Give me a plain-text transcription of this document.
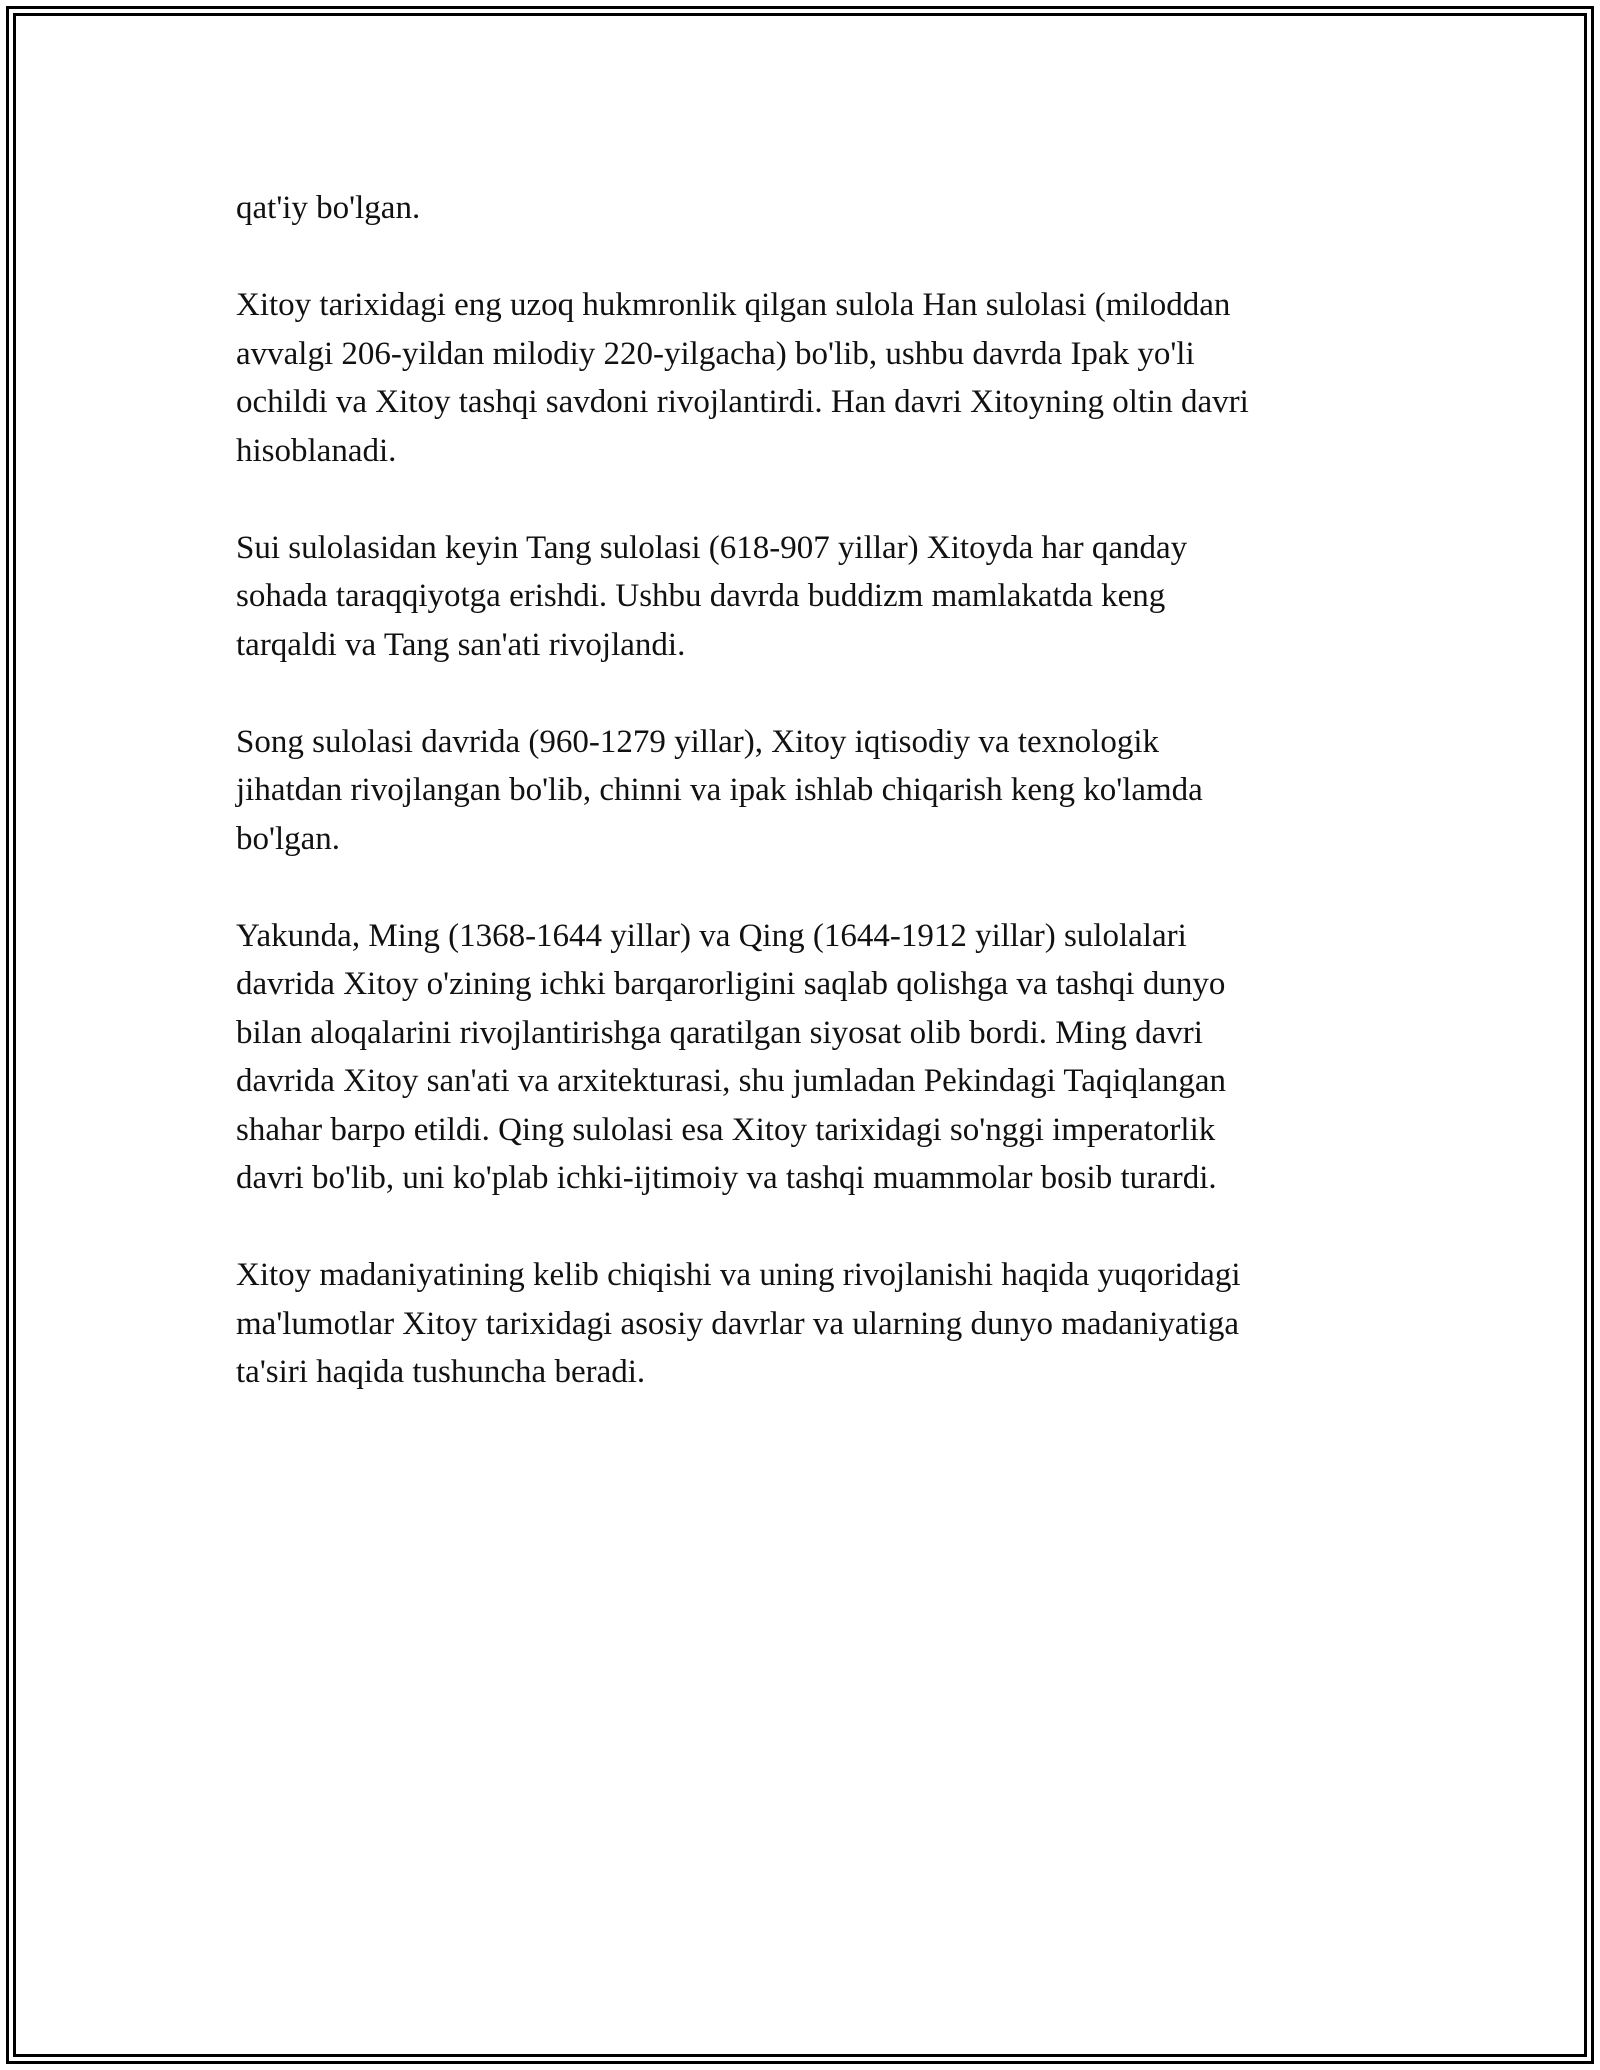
qat'iy bo'lgan.

Xitoy tarixidagi eng uzoq hukmronlik qilgan sulola Han sulolasi (miloddan
avvalgi 206-yildan milodiy 220-yilgacha) bo'lib, ushbu davrda Ipak yo'li
ochildi va Xitoy tashqi savdoni rivojlantirdi. Han davri Xitoyning oltin davri
hisoblanadi.

Sui sulolasidan keyin Tang sulolasi (618-907 yillar) Xitoyda har qanday
sohada taraqqiyotga erishdi. Ushbu davrda buddizm mamlakatda keng
tarqaldi va Tang san'ati rivojlandi.

Song sulolasi davrida (960-1279 yillar), Xitoy iqtisodiy va texnologik
jihatdan rivojlangan bo'lib, chinni va ipak ishlab chiqarish keng ko'lamda
bo'lgan.

Yakunda, Ming (1368-1644 yillar) va Qing (1644-1912 yillar) sulolalari
davrida Xitoy o'zining ichki barqarorligini saqlab qolishga va tashqi dunyo
bilan aloqalarini rivojlantirishga qaratilgan siyosat olib bordi. Ming davri
davrida Xitoy san'ati va arxitekturasi, shu jumladan Pekindagi Taqiqlangan
shahar barpo etildi. Qing sulolasi esa Xitoy tarixidagi so'nggi imperatorlik
davri bo'lib, uni ko'plab ichki-ijtimoiy va tashqi muammolar bosib turardi.

Xitoy madaniyatining kelib chiqishi va uning rivojlanishi haqida yuqoridagi
ma'lumotlar Xitoy tarixidagi asosiy davrlar va ularning dunyo madaniyatiga
ta'siri haqida tushuncha beradi.
